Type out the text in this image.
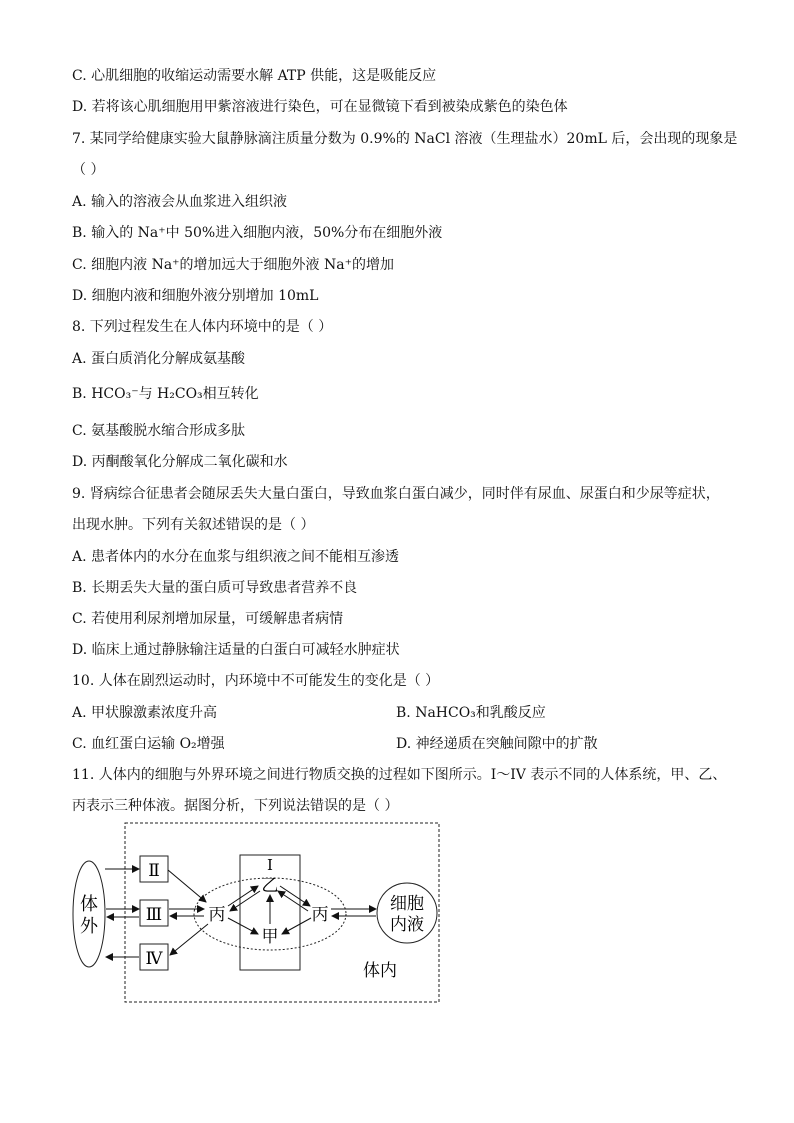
C. 心肌细胞的收缩运动需要水解 ATP 供能，这是吸能反应
D. 若将该心肌细胞用甲紫溶液进行染色，可在显微镜下看到被染成紫色的染色体
7. 某同学给健康实验大鼠静脉滴注质量分数为 0.9%的 NaCl 溶液（生理盐水）20mL 后，会出现的现象是
（ ）
A. 输入的溶液会从血浆进入组织液
B. 输入的 Na⁺中 50%进入细胞内液，50%分布在细胞外液
C. 细胞内液 Na⁺的增加远大于细胞外液 Na⁺的增加
D. 细胞内液和细胞外液分别增加 10mL
8. 下列过程发生在人体内环境中的是（ ）
A. 蛋白质消化分解成氨基酸
B. HCO₃⁻与 H₂CO₃相互转化
C. 氨基酸脱水缩合形成多肽
D. 丙酮酸氧化分解成二氧化碳和水
9. 肾病综合征患者会随尿丢失大量白蛋白，导致血浆白蛋白减少，同时伴有尿血、尿蛋白和少尿等症状，
出现水肿。下列有关叙述错误的是（ ）
A. 患者体内的水分在血浆与组织液之间不能相互渗透
B. 长期丢失大量的蛋白质可导致患者营养不良
C. 若使用利尿剂增加尿量，可缓解患者病情
D. 临床上通过静脉输注适量的白蛋白可减轻水肿症状
10. 人体在剧烈运动时，内环境中不可能发生的变化是（ ）
A. 甲状腺激素浓度升高
C. 血红蛋白运输 O₂增强
11. 人体内的细胞与外界环境之间进行物质交换的过程如下图所示。I～IV 表示不同的人体系统，甲、乙、
丙表示三种体液。据图分析，下列说法错误的是（ ）
B. NaHCO₃和乳酸反应
D. 神经递质在突触间隙中的扩散
体
外
Ⅱ
Ⅲ
Ⅳ
Ⅰ
丙
乙
甲
丙
细胞
内液
体内
